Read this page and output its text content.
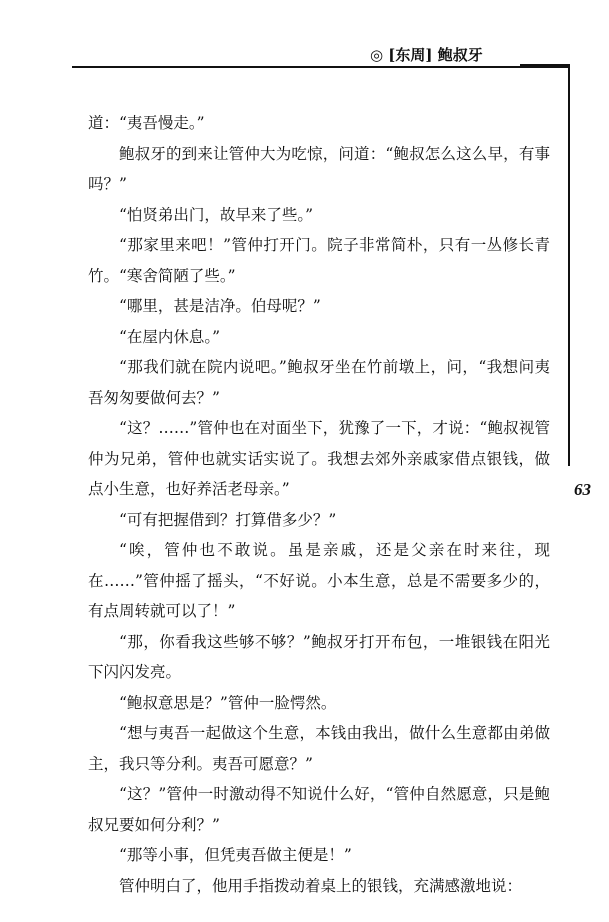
◎ [东周] 鲍叔牙
63

道：“夷吾慢走。”

鲍叔牙的到来让管仲大为吃惊，问道：“鲍叔怎么这么早，有事吗？”

“怕贤弟出门，故早来了些。”

“那家里来吧！”管仲打开门。院子非常简朴，只有一丛修长青竹。“寒舍简陋了些。”

“哪里，甚是洁净。伯母呢？”

“在屋内休息。”

“那我们就在院内说吧。”鲍叔牙坐在竹前墩上，问，“我想问夷吾匆匆要做何去？”

“这？……”管仲也在对面坐下，犹豫了一下，才说：“鲍叔视管仲为兄弟，管仲也就实话实说了。我想去郊外亲戚家借点银钱，做点小生意，也好养活老母亲。”

“可有把握借到？打算借多少？”

“唉，管仲也不敢说。虽是亲戚，还是父亲在时来往，现在……”管仲摇了摇头，“不好说。小本生意，总是不需要多少的，有点周转就可以了！”

“那，你看我这些够不够？”鲍叔牙打开布包，一堆银钱在阳光下闪闪发亮。

“鲍叔意思是？”管仲一脸愕然。

“想与夷吾一起做这个生意，本钱由我出，做什么生意都由弟做主，我只等分利。夷吾可愿意？”

“这？”管仲一时激动得不知说什么好，“管仲自然愿意，只是鲍叔兄要如何分利？”

“那等小事，但凭夷吾做主便是！”

管仲明白了，他用手指拨动着桌上的银钱，充满感激地说：
